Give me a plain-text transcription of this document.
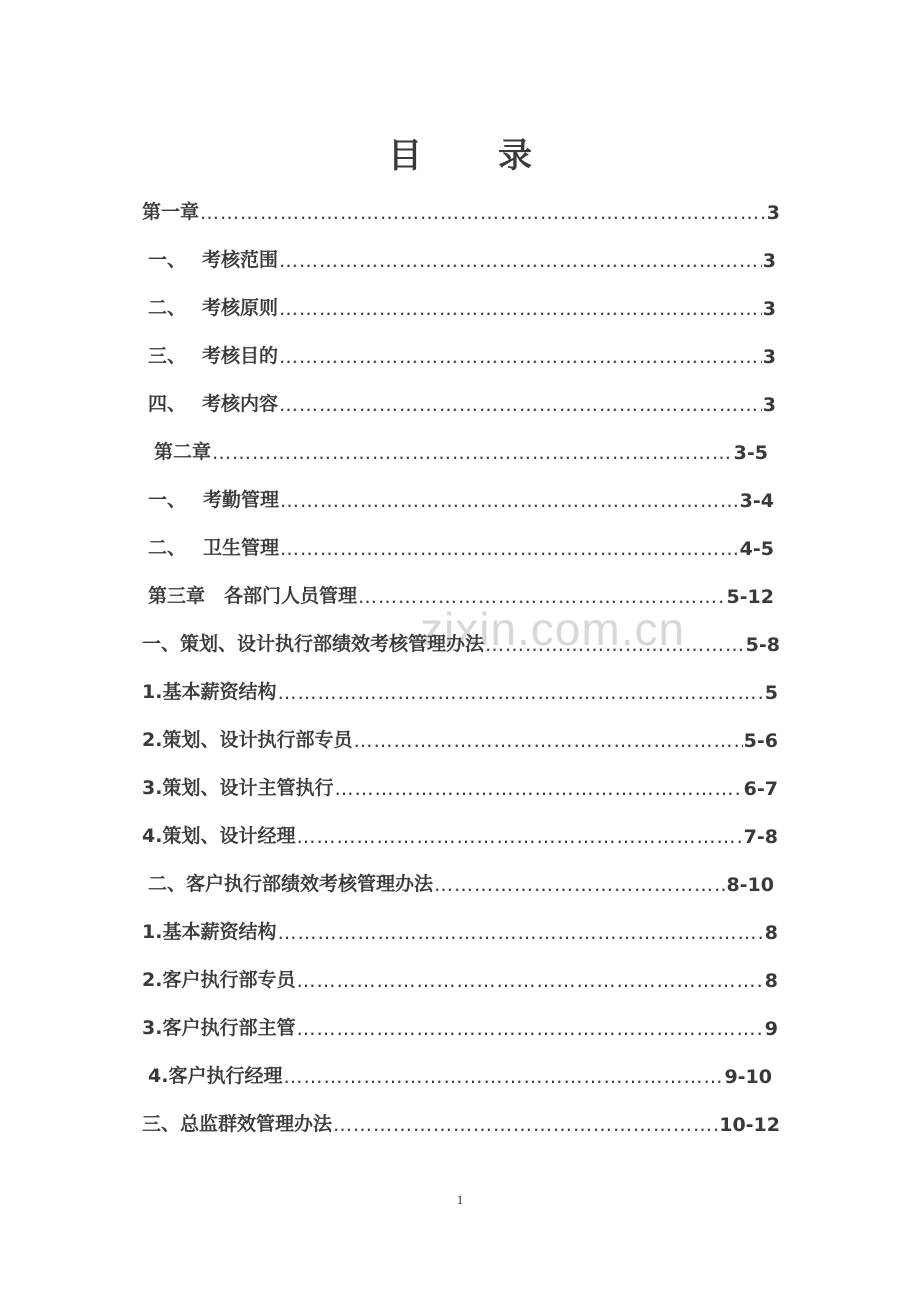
目 录
第一章 ……………………………………………………………………………………………………………………………………………………	3
一、 考核范围 ……………………………………………………………………………………………………………………………………………………	3
二、 考核原则 ……………………………………………………………………………………………………………………………………………………	3
三、 考核目的 ……………………………………………………………………………………………………………………………………………………	3
四、 考核内容 ……………………………………………………………………………………………………………………………………………………	3
第二章 ……………………………………………………………………………………………………………………………………………………	3-5
一、 考勤管理 ……………………………………………………………………………………………………………………………………………………	3-4
二、 卫生管理 ……………………………………………………………………………………………………………………………………………………	4-5
第三章　各部门人员管理 ……………………………………………………………………………………………………………………………………………………	5-12
zixin.com.cn
一、策划、设计执行部绩效考核管理办法 ……………………………………………………………………………………………………………………………………………………	5-8
1.基本薪资结构 ……………………………………………………………………………………………………………………………………………………	5
2.策划、设计执行部专员 ……………………………………………………………………………………………………………………………………………………	5-6
3.策划、设计主管执行 ……………………………………………………………………………………………………………………………………………………	6-7
4.策划、设计经理 ……………………………………………………………………………………………………………………………………………………	7-8
二、客户执行部绩效考核管理办法 ……………………………………………………………………………………………………………………………………………………	8-10
1.基本薪资结构 ……………………………………………………………………………………………………………………………………………………	8
2.客户执行部专员 ……………………………………………………………………………………………………………………………………………………	8
3.客户执行部主管 ……………………………………………………………………………………………………………………………………………………	9
4.客户执行经理 ……………………………………………………………………………………………………………………………………………………	9-10
三、总监群效管理办法 ……………………………………………………………………………………………………………………………………………………	10-12
1
